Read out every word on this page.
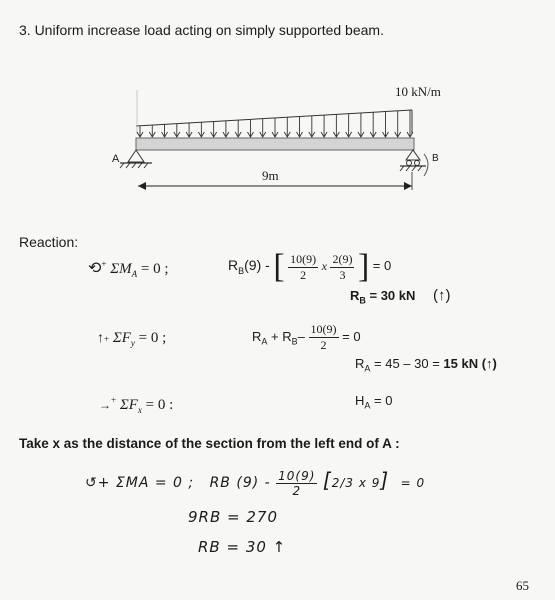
3. Uniform increase load acting on simply supported beam.
10 kN/m
A	B
9m
Reaction:
⟲+ $\Sigma M_A = 0$ ;	$R_B(9)$ - [ $\frac{10(9)}{2}$ x $\frac{2(9)}{3}$ ] = 0
$R_B = 30$ kN (↑)
↑+ $\Sigma F_y = 0$ ;	$R_A + R_B- \frac{10(9)}{2} = 0$
$R_A = 45 - 30 = 15$ kN (↑)
→+ $\Sigma F_x = 0$ :	$H_A = 0$
Take x as the distance of the section from the left end of A :
↺+ ΣMA = 0 ; RB $(9) - \frac{10(9)}{2} [2/3$ x 9] = 0
9RB = 270
RB = 30 ↑
65
